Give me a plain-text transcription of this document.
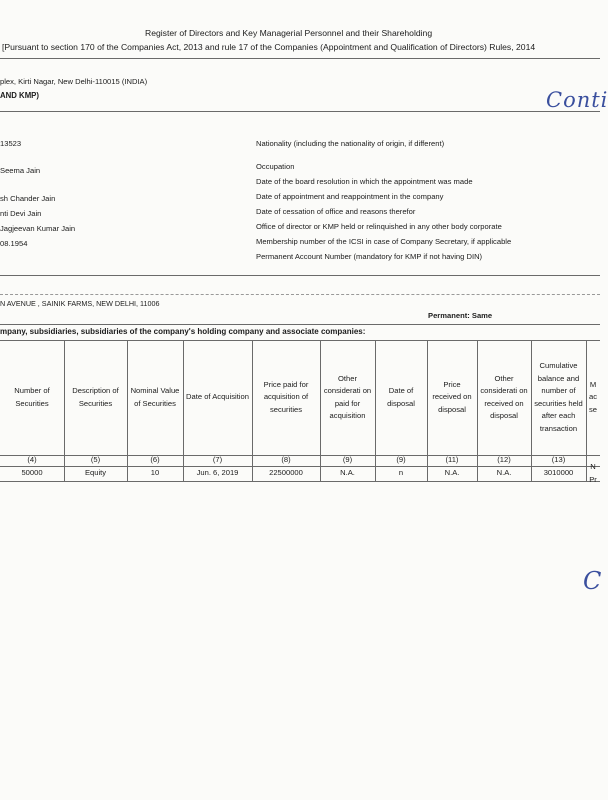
Register of Directors and Key Managerial Personnel and their Shareholding
[Pursuant to section 170 of the Companies Act, 2013 and rule 17 of the Companies (Appointment and Qualification of Directors) Rules, 2014
plex, Kirti Nagar, New Delhi-110015 (INDIA)
AND KMP)	Conti
13523
Seema Jain
sh Chander Jain
nti Devi Jain
Jagjeevan Kumar Jain
08.1954
Nationality (including the nationality of origin, if different)
Occupation
Date of the board resolution in which the appointment was made
Date of appointment and reappointment in the company
Date of cessation of office and reasons therefor
Office of director or KMP held or relinquished in any other body corporate
Membership number of the ICSI in case of Company Secretary, if applicable
Permanent Account Number (mandatory for KMP if not having DIN)
N AVENUE , SAINIK FARMS, NEW DELHI, 11006
Permanent: Same
mpany, subsidiaries, subsidiaries of the company's holding company and associate companies:
Number of Securities
(4)
50000
Description of Securities
(5)
Equity
Nominal Value of Securities
(6)
10
Date of Acquisition
(7)
Jun. 6, 2019
Price paid for acquisition of securities
(8)
22500000
Other considerati on paid for acquisition
(9)
N.A.
Date of disposal
(9)
n
Price received on disposal
(11)
N.A.
Other considerati on received on disposal
(12)
N.A.
Cumulative balance and number of securities held after each transaction
(13)
3010000
M ac se
N Pr
C
